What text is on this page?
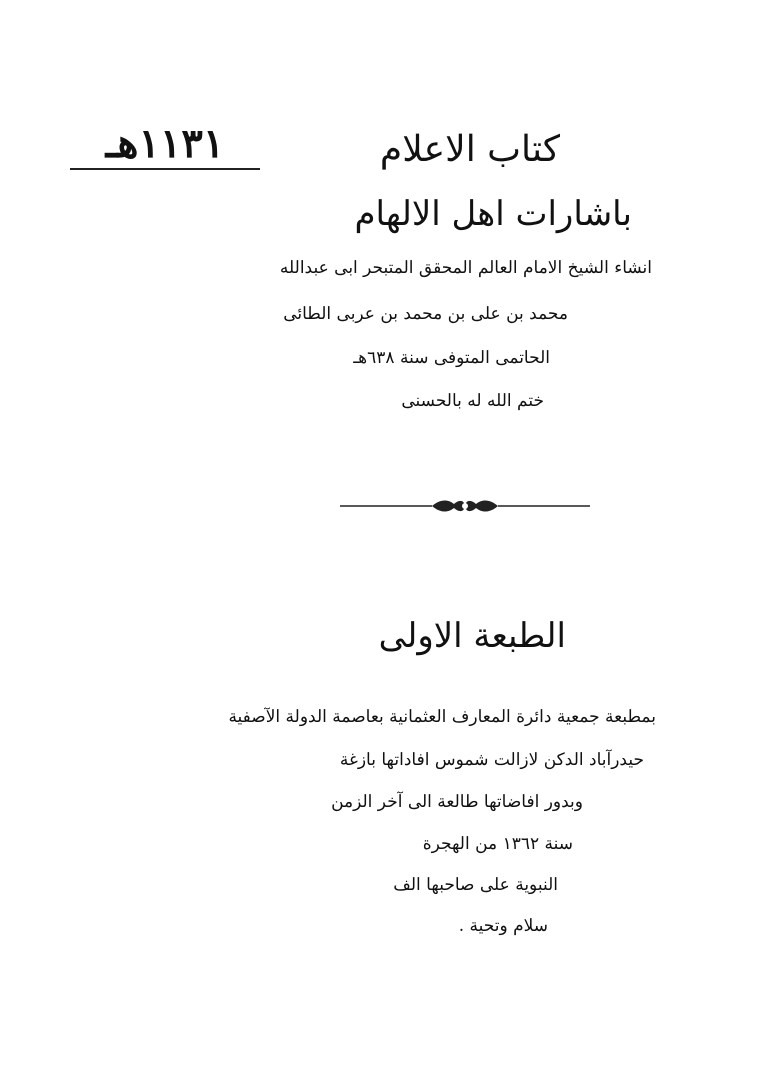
١١٣١هـ	كتاب الاعلام
باشارات اهل الالهام
انشاء الشيخ الامام العالم المحقق المتبحر ابى عبدالله
محمد بن على بن محمد بن عربى الطائى
الحاتمى المتوفى سنة ٦٣٨هـ
ختم الله له بالحسنى
الطبعة الاولى
بمطبعة جمعية دائرة المعارف العثمانية بعاصمة الدولة الآصفية
حيدرآباد الدكن لازالت شموس افاداتها بازغة
وبدور افاضاتها طالعة الى آخر الزمن
سنة ١٣٦٢ من الهجرة
النبوية على صاحبها الف
سلام وتحية .
